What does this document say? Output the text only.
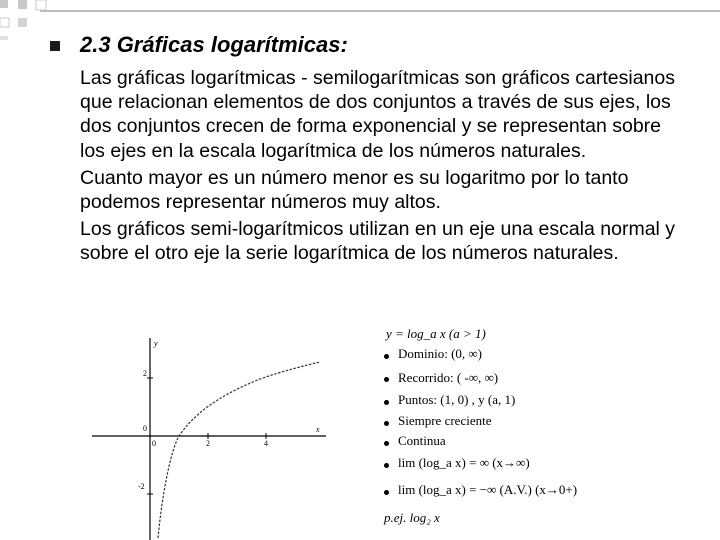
2.3 Gráficas logarítmicas:

Las gráficas logarítmicas - semilogarítmicas son gráficos cartesianos que relacionan elementos de dos conjuntos a través de sus ejes, los dos conjuntos crecen de forma exponencial y se representan sobre los ejes en la escala logarítmica de los números naturales.

Cuanto mayor es un número menor es su logaritmo por lo tanto podemos representar números muy altos.

Los gráficos semi-logarítmicos utilizan en un eje una escala normal y sobre el otro eje la serie logarítmica de los números naturales.

y
x
0	2	4
2
0
-2
y = log_a x (a > 1)
Dominio: (0, ∞)
Recorrido: ( -∞, ∞)
Puntos: (1, 0) , y (a, 1)
Siempre creciente
Continua
lim (log_a x) = ∞ (x→∞)
lim (log_a x) = −∞ (A.V.) (x→0+)
p.ej. log₂ x
